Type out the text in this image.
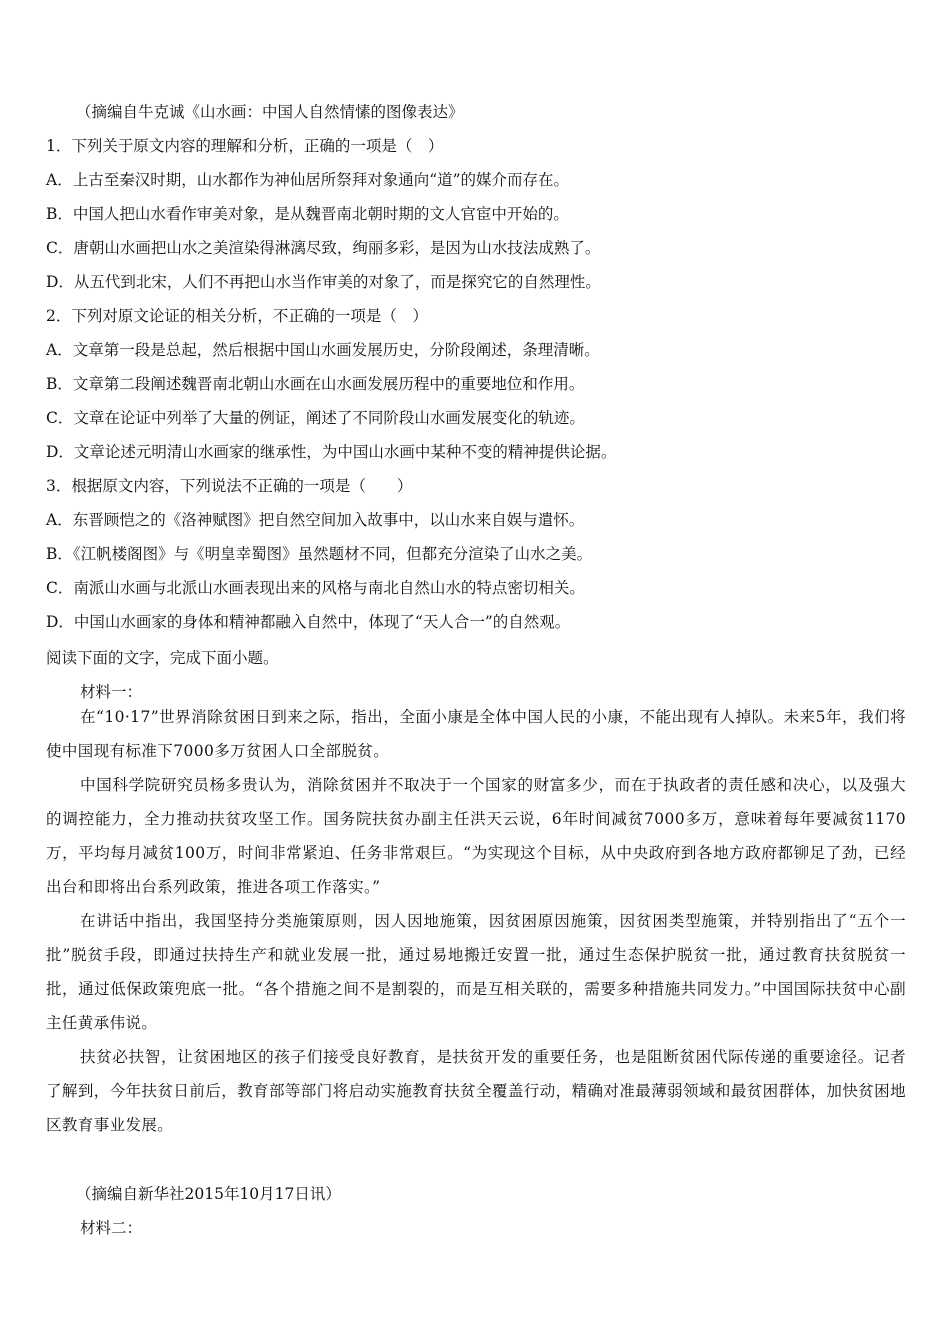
（摘编自牛克诚《山水画：中国人自然情愫的图像表达》
1．下列关于原文内容的理解和分析，正确的一项是（　）
A．上古至秦汉时期，山水都作为神仙居所祭拜对象通向“道”的媒介而存在。
B．中国人把山水看作审美对象，是从魏晋南北朝时期的文人官宦中开始的。
C．唐朝山水画把山水之美渲染得淋漓尽致，绚丽多彩，是因为山水技法成熟了。
D．从五代到北宋，人们不再把山水当作审美的对象了，而是探究它的自然理性。
2．下列对原文论证的相关分析，不正确的一项是（　）
A．文章第一段是总起，然后根据中国山水画发展历史，分阶段阐述，条理清晰。
B．文章第二段阐述魏晋南北朝山水画在山水画发展历程中的重要地位和作用。
C．文章在论证中列举了大量的例证，阐述了不同阶段山水画发展变化的轨迹。
D．文章论述元明清山水画家的继承性，为中国山水画中某种不变的精神提供论据。
3．根据原文内容，下列说法不正确的一项是（　　）
A．东晋顾恺之的《洛神赋图》把自然空间加入故事中，以山水来自娱与遣怀。
B．《江帆楼阁图》与《明皇幸蜀图》虽然题材不同，但都充分渲染了山水之美。
C．南派山水画与北派山水画表现出来的风格与南北自然山水的特点密切相关。
D．中国山水画家的身体和精神都融入自然中，体现了“天人合一”的自然观。
阅读下面的文字，完成下面小题。
材料一：

在“10·17”世界消除贫困日到来之际，指出，全面小康是全体中国人民的小康，不能出现有人掉队。未来5年，我们将使中国现有标准下7000多万贫困人口全部脱贫。

中国科学院研究员杨多贵认为，消除贫困并不取决于一个国家的财富多少，而在于执政者的责任感和决心，以及强大的调控能力，全力推动扶贫攻坚工作。国务院扶贫办副主任洪天云说，6年时间减贫7000多万，意味着每年要减贫1170万，平均每月减贫100万，时间非常紧迫、任务非常艰巨。“为实现这个目标，从中央政府到各地方政府都铆足了劲，已经出台和即将出台系列政策，推进各项工作落实。”

在讲话中指出，我国坚持分类施策原则，因人因地施策，因贫困原因施策，因贫困类型施策，并特别指出了“五个一批”脱贫手段，即通过扶持生产和就业发展一批，通过易地搬迁安置一批，通过生态保护脱贫一批，通过教育扶贫脱贫一批，通过低保政策兜底一批。“各个措施之间不是割裂的，而是互相关联的，需要多种措施共同发力。”中国国际扶贫中心副主任黄承伟说。

扶贫必扶智，让贫困地区的孩子们接受良好教育，是扶贫开发的重要任务，也是阻断贫困代际传递的重要途径。记者了解到，今年扶贫日前后，教育部等部门将启动实施教育扶贫全覆盖行动，精确对准最薄弱领域和最贫困群体，加快贫困地区教育事业发展。

（摘编自新华社2015年10月17日讯）
材料二：
